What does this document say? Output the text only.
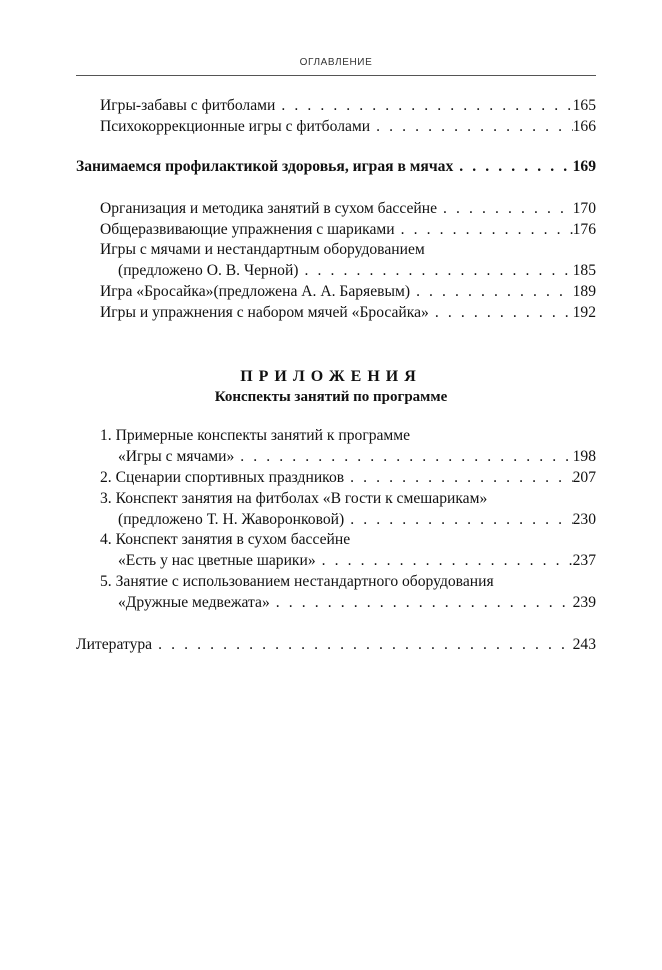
ОГЛАВЛЕНИЕ
Игры-забавы с фитболами . . .	165
Психокоррекционные игры с фитболами . . .	166
Занимаемся профилактикой здоровья, играя в мячах . . .	169
Организация и методика занятий в сухом бассейне . . .	170
Общеразвивающие упражнения с шариками . . .	176
Игры с мячами и нестандартным оборудованием
(предложено О. В. Черной) . . .	185
Игра «Бросайка»(предложена А. А. Баряевым) . . .	189
Игры и упражнения с набором мячей «Бросайка» . . .	192
ПРИЛОЖЕНИЯ
Конспекты занятий по программе
1. Примерные конспекты занятий к программе
«Игры с мячами» . . .	198
2. Сценарии спортивных праздников . . .	207
3. Конспект занятия на фитболах «В гости к смешарикам»
(предложено Т. Н. Жаворонковой) . . .	230
4. Конспект занятия в сухом бассейне
«Есть у нас цветные шарики» . . .	237
5. Занятие с использованием нестандартного оборудования
«Дружные медвежата» . . .	239
Литература . . .	243
